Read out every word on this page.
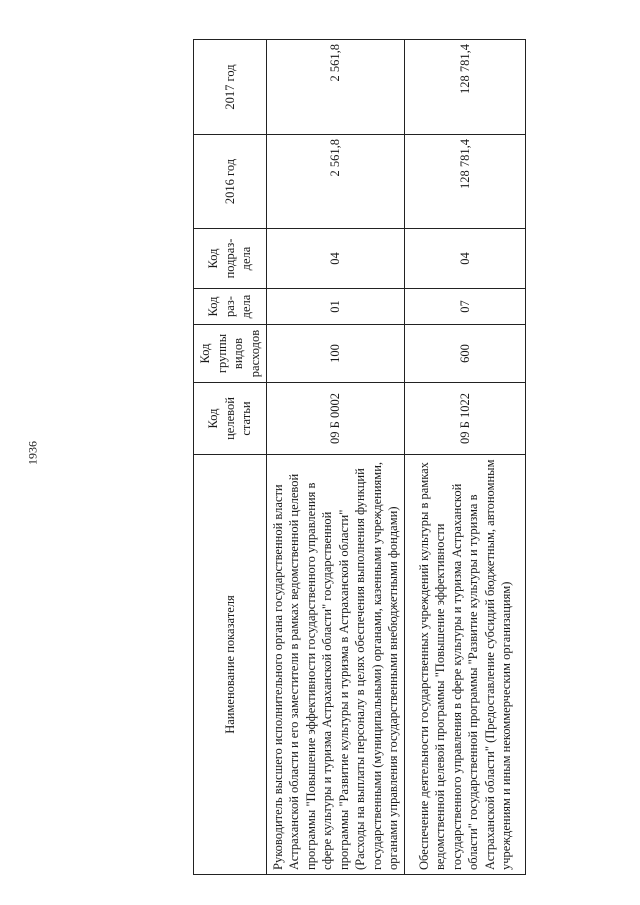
1936
Наименование показателя	Код целевой статьи	Код группы видов расходов	Код раз-дела	Код подраз-дела	2016 год	2017 год
Руководитель высшего исполнительного органа государственной власти Астраханской области и его заместители в рамках ведомственной целевой программы "Повышение эффективности государственного управления в сфере культуры и туризма Астраханской области" государственной программы "Развитие культуры и туризма в Астраханской области" (Расходы на выплаты персоналу в целях обеспечения выполнения функций государственными (муниципальными) органами, казенными учреждениями, органами управления государственными внебюджетными фондами)	09 Б 0002	100	01	04	2 561,8	2 561,8
Обеспечение деятельности государственных учреждений культуры в рамках ведомственной целевой программы "Повышение эффективности государственного управления в сфере культуры и туризма Астраханской области" государственной программы "Развитие культуры и туризма в Астраханской области" (Предоставление субсидий бюджетным, автономным учреждениям и иным некоммерческим организациям)	09 Б 1022	600	07	04	128 781,4	128 781,4
